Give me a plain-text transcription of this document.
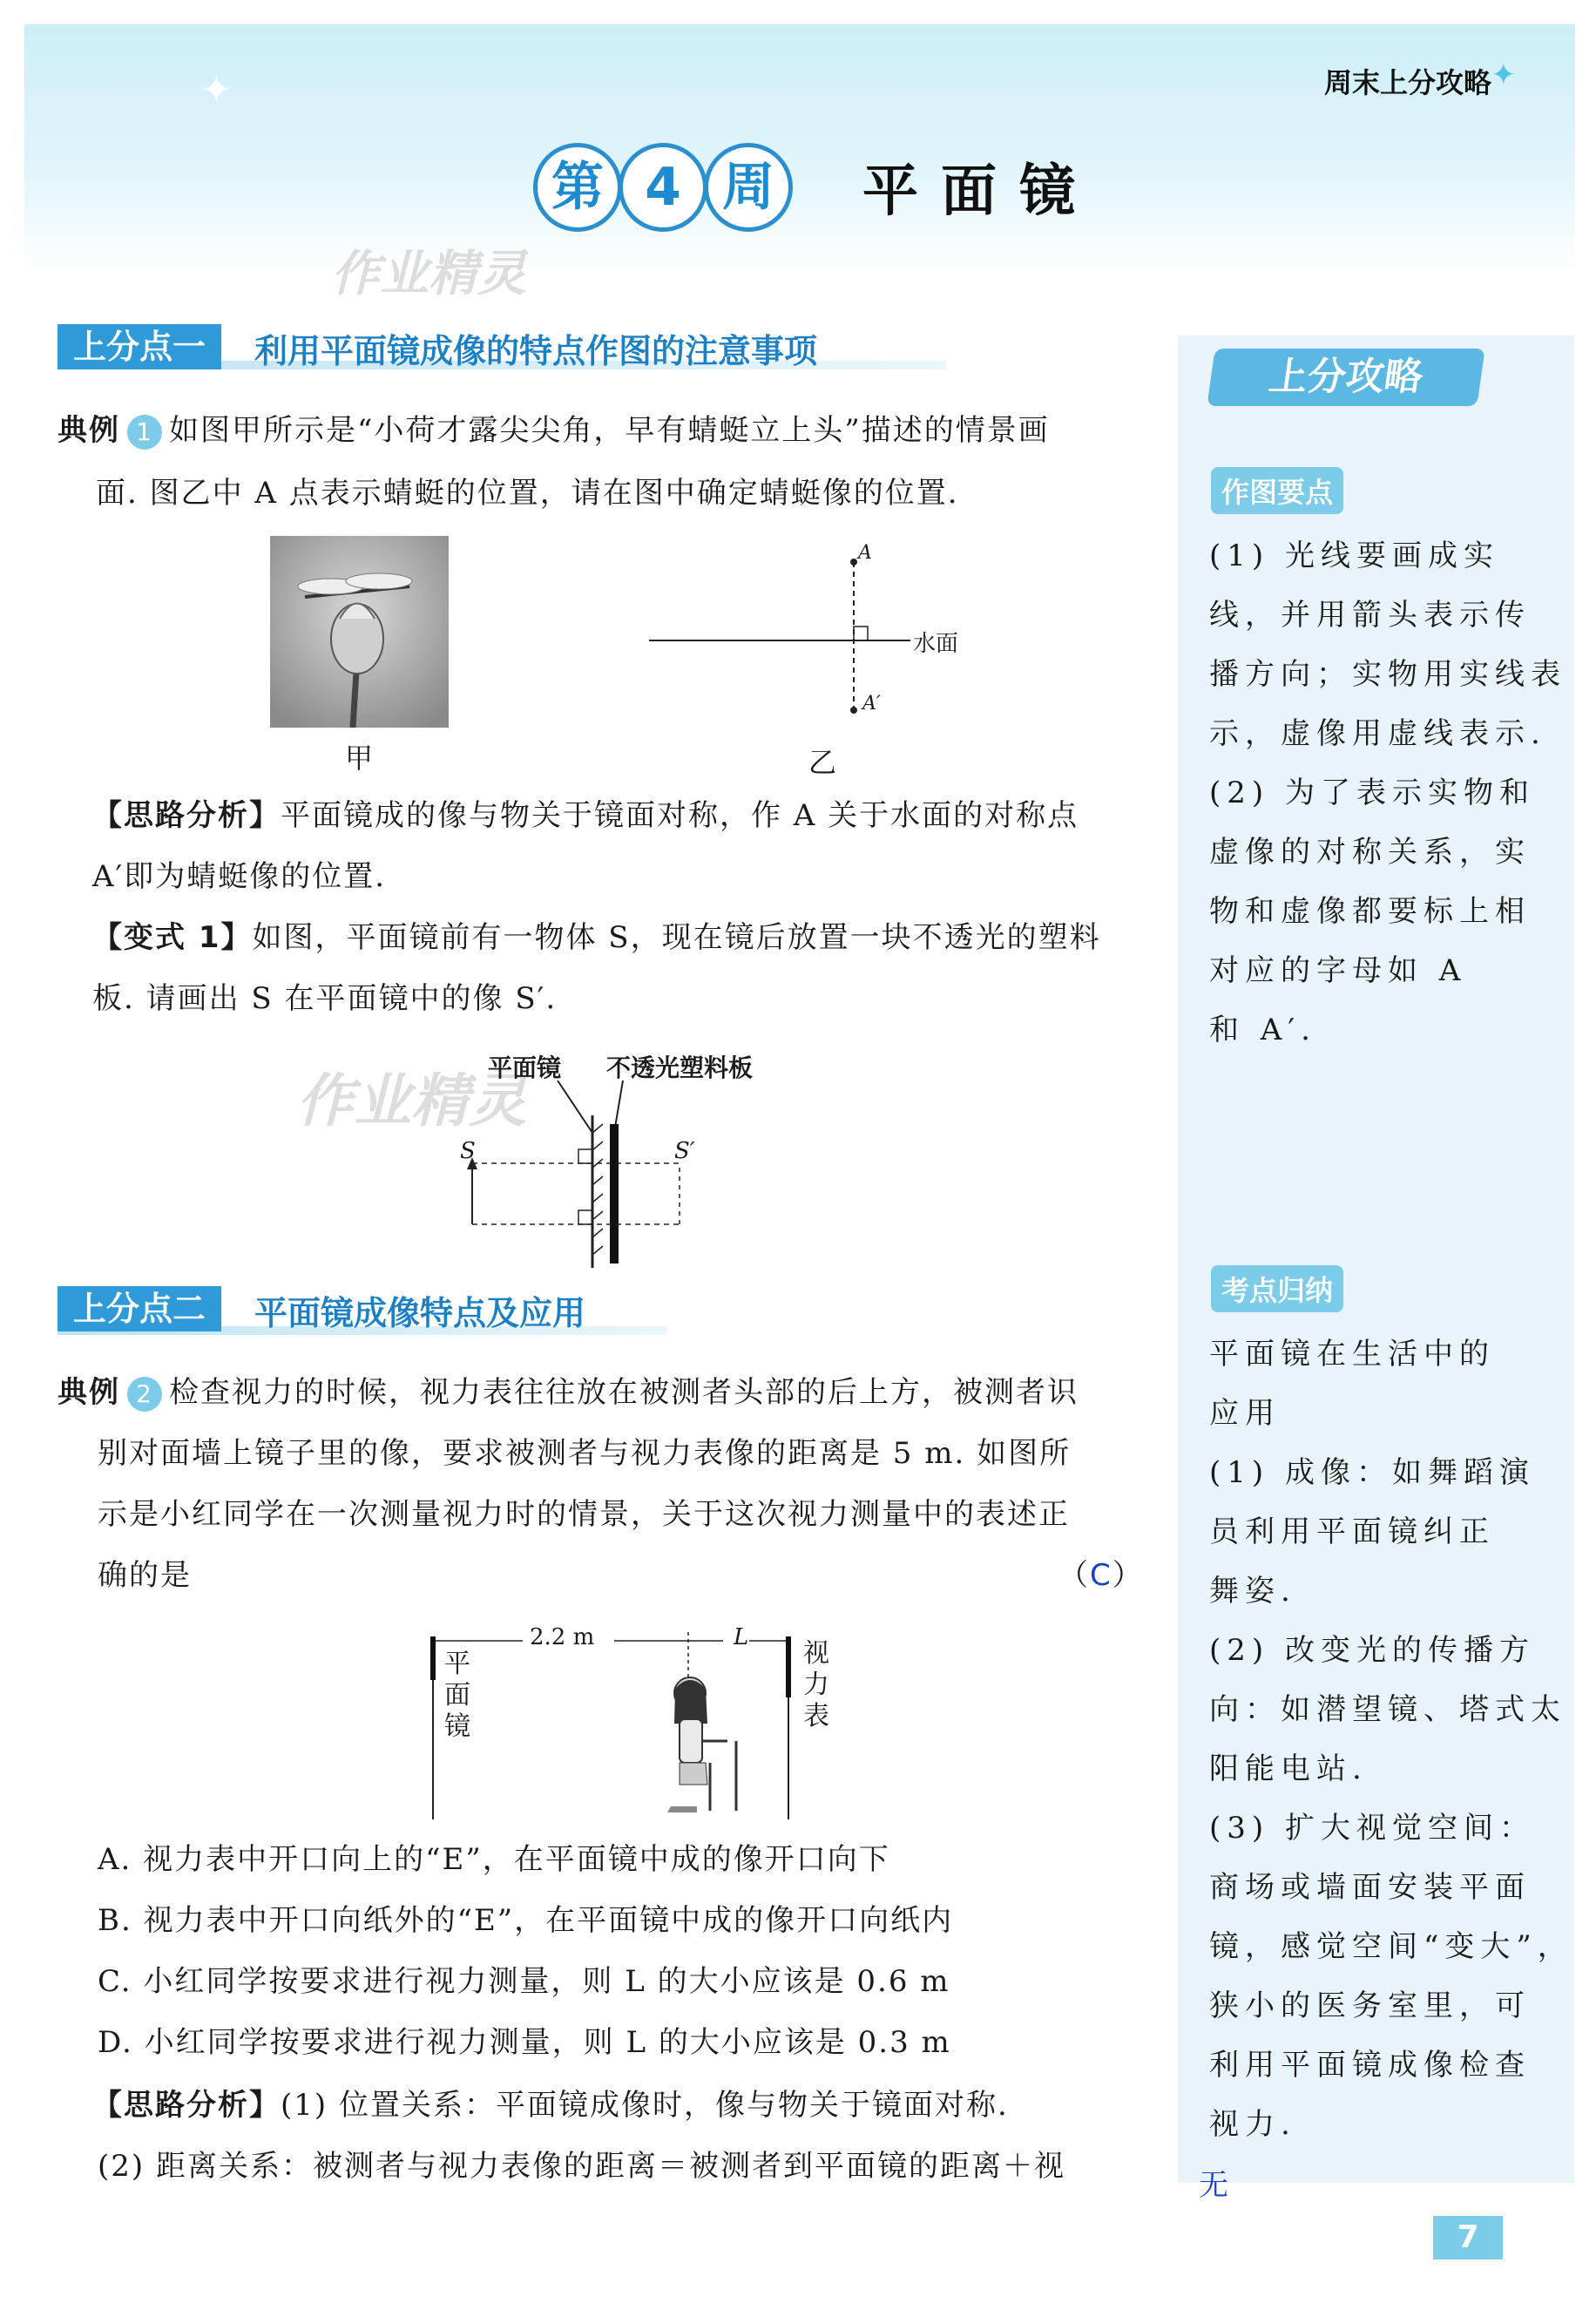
✦	周末上分攻略 ✦
第 4 周	平面镜
作业精灵
上分点一	利用平面镜成像的特点作图的注意事项
典例 1 如图甲所示是“小荷才露尖尖角，早有蜻蜓立上头”描述的情景画
面. 图乙中 A 点表示蜻蜓的位置，请在图中确定蜻蜓像的位置.
甲
A
A′
水面
乙
【思路分析】平面镜成的像与物关于镜面对称，作 A 关于水面的对称点
A′即为蜻蜓像的位置.
【变式 1】如图，平面镜前有一物体 S，现在镜后放置一块不透光的塑料
板. 请画出 S 在平面镜中的像 S′.
作业精灵
平面镜 不透光塑料板
S	S′
上分点二	平面镜成像特点及应用
典例 2 检查视力的时候，视力表往往放在被测者头部的后上方，被测者识
别对面墙上镜子里的像，要求被测者与视力表像的距离是 5 m. 如图所
示是小红同学在一次测量视力时的情景，关于这次视力测量中的表述正
确的是	（C）
2.2 m	L
平面镜
视力表
A. 视力表中开口向上的“E”，在平面镜中成的像开口向下
B. 视力表中开口向纸外的“E”，在平面镜中成的像开口向纸内
C. 小红同学按要求进行视力测量，则 L 的大小应该是 0.6 m
D. 小红同学按要求进行视力测量，则 L 的大小应该是 0.3 m
【思路分析】(1) 位置关系：平面镜成像时，像与物关于镜面对称.
(2) 距离关系：被测者与视力表像的距离＝被测者到平面镜的距离＋视
上分攻略
作图要点
(1) 光线要画成实
线，并用箭头表示传
播方向；实物用实线表
示，虚像用虚线表示.
(2) 为了表示实物和
虚像的对称关系，实
物和虚像都要标上相
对应的字母如 A
和 A′.
考点归纳
平面镜在生活中的
应用
(1) 成像：如舞蹈演
员利用平面镜纠正
舞姿.
(2) 改变光的传播方
向：如潜望镜、塔式太
阳能电站.
(3) 扩大视觉空间：
商场或墙面安装平面
镜，感觉空间“变大”，
狭小的医务室里，可
利用平面镜成像检查
视力.
无
7
